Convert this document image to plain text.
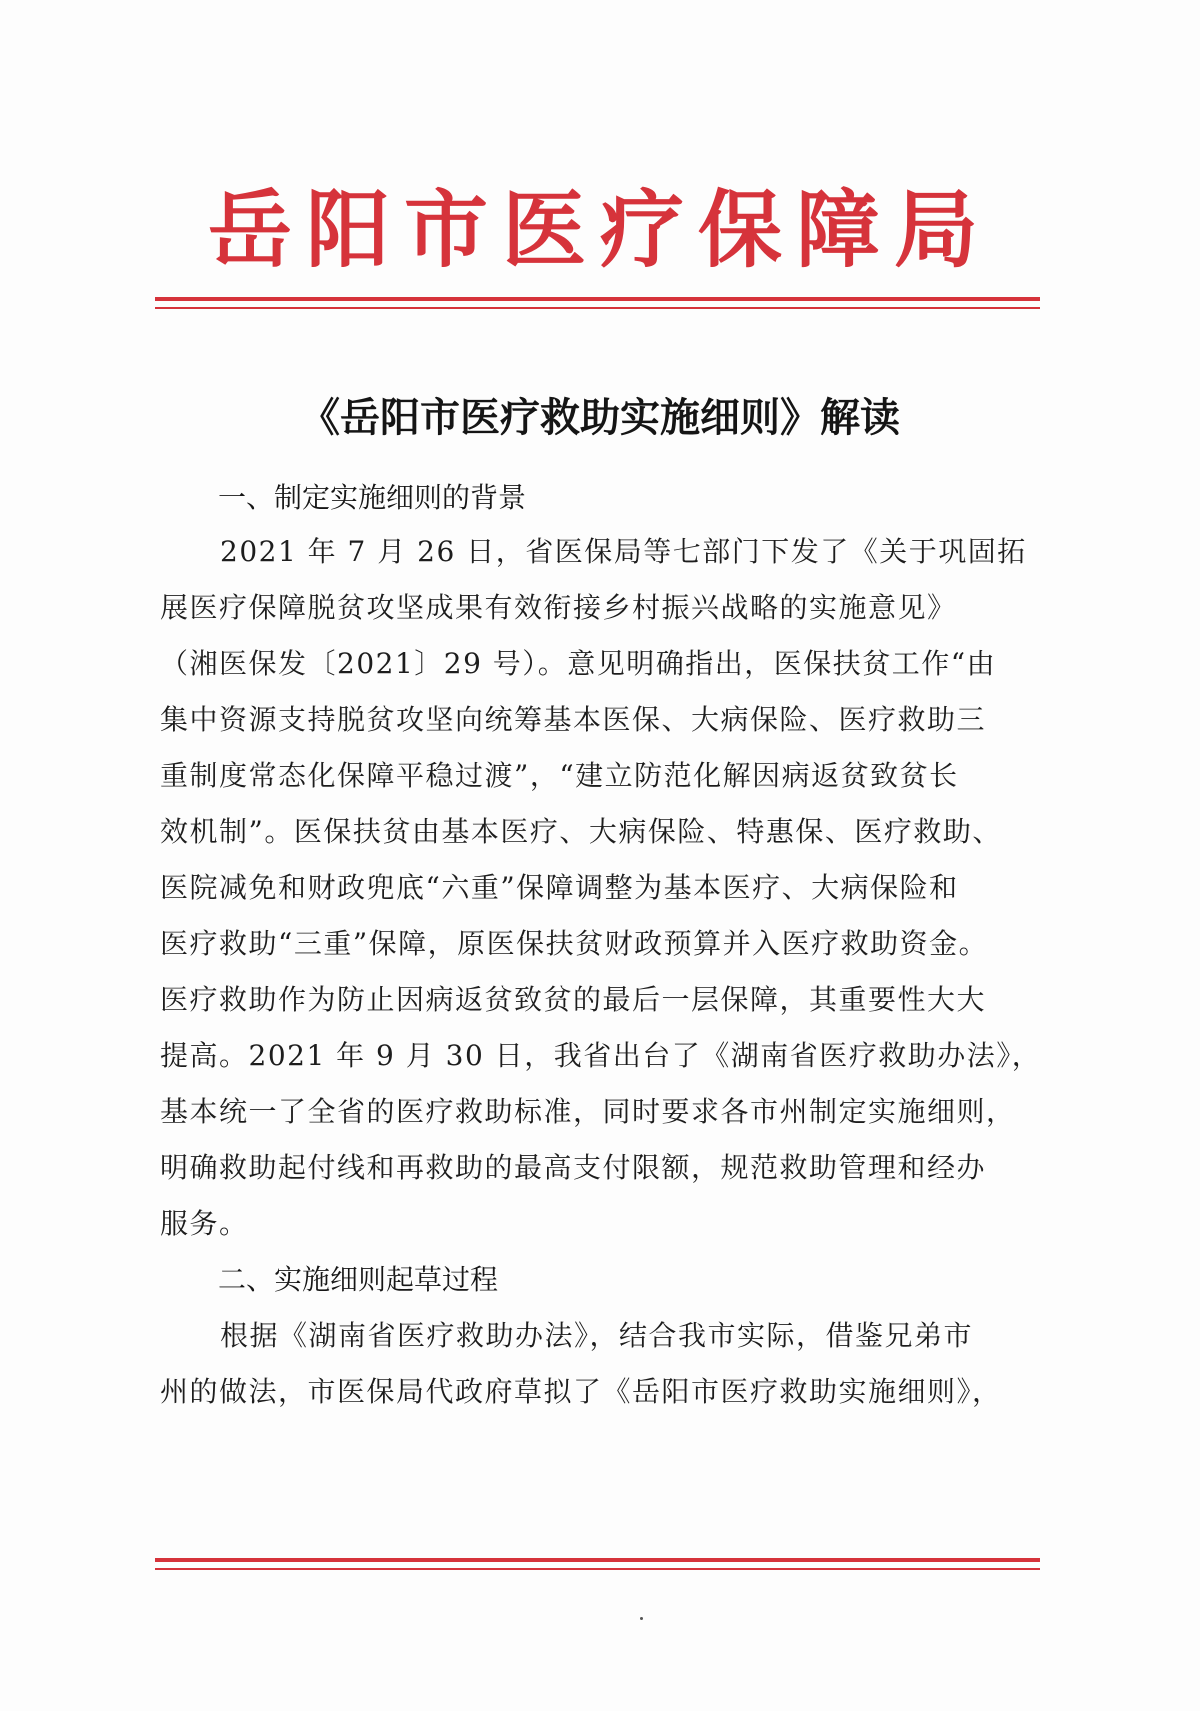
岳阳市医疗保障局
《岳阳市医疗救助实施细则》解读
一、制定实施细则的背景
2021 年 7 月 26 日，省医保局等七部门下发了《关于巩固拓
展医疗保障脱贫攻坚成果有效衔接乡村振兴战略的实施意见》
（湘医保发〔2021〕29 号）。意见明确指出，医保扶贫工作“由
集中资源支持脱贫攻坚向统筹基本医保、大病保险、医疗救助三
重制度常态化保障平稳过渡”，“建立防范化解因病返贫致贫长
效机制”。医保扶贫由基本医疗、大病保险、特惠保、医疗救助、
医院减免和财政兜底“六重”保障调整为基本医疗、大病保险和
医疗救助“三重”保障，原医保扶贫财政预算并入医疗救助资金。
医疗救助作为防止因病返贫致贫的最后一层保障，其重要性大大
提高。2021 年 9 月 30 日，我省出台了《湖南省医疗救助办法》，
基本统一了全省的医疗救助标准，同时要求各市州制定实施细则，
明确救助起付线和再救助的最高支付限额，规范救助管理和经办
服务。
二、实施细则起草过程
根据《湖南省医疗救助办法》，结合我市实际，借鉴兄弟市
州的做法，市医保局代政府草拟了《岳阳市医疗救助实施细则》，
